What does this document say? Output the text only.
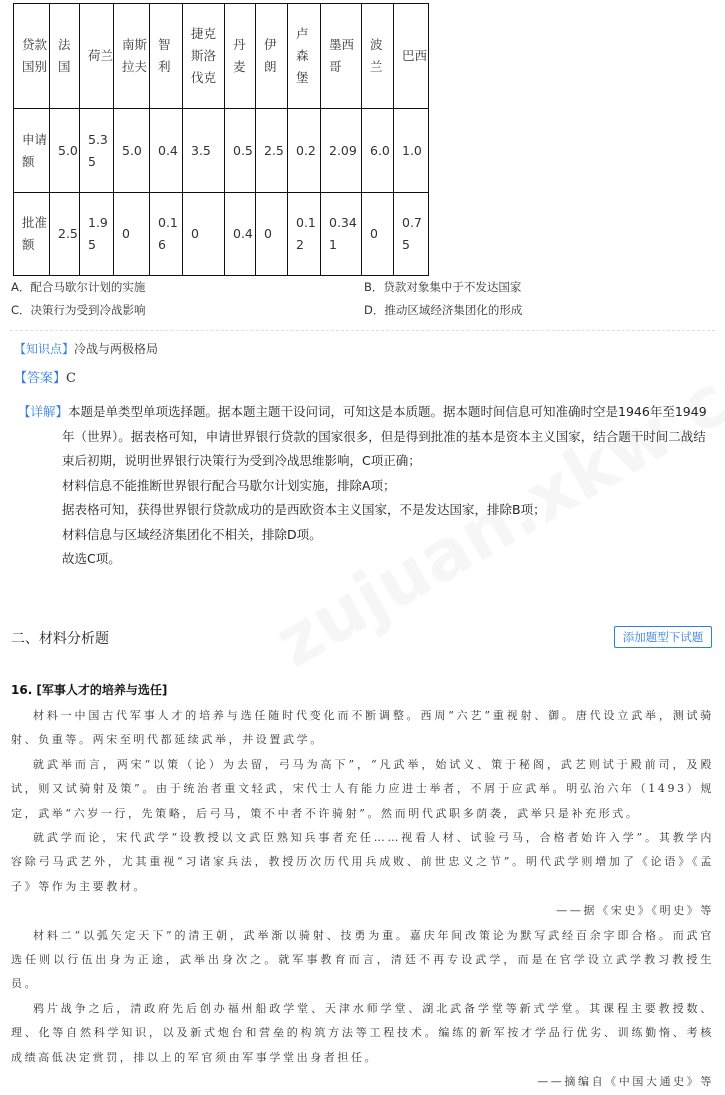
贷款国别	法国	荷兰	南斯拉夫	智利	捷克斯洛伐克	丹麦	伊朗	卢森堡	墨西哥	波兰	巴西
申请额	5.0	5.35	5.0	0.4	3.5	0.5	2.5	0.2	2.09	6.0	1.0
批准额	2.5	1.95	0	0.16	0	0.4	0	0.12	0.341	0	0.75
A．配合马歇尔计划的实施	B．贷款对象集中于不发达国家
C．决策行为受到冷战影响	D．推动区域经济集团化的形成
【知识点】冷战与两极格局
【答案】C
【详解】本题是单类型单项选择题。据本题主题干设问词，可知这是本质题。据本题时间信息可知准确时空是1946年至1949年（世界）。据表格可知，申请世界银行贷款的国家很多，但是得到批准的基本是资本主义国家，结合题干时间二战结束后初期，说明世界银行决策行为受到冷战思维影响，C项正确；
材料信息不能推断世界银行配合马歇尔计划实施，排除A项；
据表格可知，获得世界银行贷款成功的是西欧资本主义国家，不是发达国家，排除B项；
材料信息与区域经济集团化不相关，排除D项。
故选C项。
二、材料分析题	添加题型下试题
16. [军事人才的培养与选任]

材料一中国古代军事人才的培养与选任随时代变化而不断调整。西周“六艺”重视射、御。唐代设立武举，测试骑射、负重等。两宋至明代都延续武举，并设置武学。

就武举而言，两宋“以策（论）为去留，弓马为高下”，“凡武举，始试义、策于秘阁，武艺则试于殿前司，及殿试，则又试骑射及策”。由于统治者重文轻武，宋代士人有能力应进士举者，不屑于应武举。明弘治六年（1493）规定，武举“六岁一行，先策略，后弓马，策不中者不许骑射”。然而明代武职多荫袭，武举只是补充形式。

就武学而论，宋代武学“设教授以文武臣熟知兵事者充任……视看人材、试验弓马，合格者始许入学”。其教学内容除弓马武艺外，尤其重视“习诸家兵法，教授历次历代用兵成败、前世忠义之节”。明代武学则增加了《论语》《孟子》等作为主要教材。

——据《宋史》《明史》等

材料二“以弧矢定天下”的清王朝，武举渐以骑射、技勇为重。嘉庆年间改策论为默写武经百余字即合格。而武官选任则以行伍出身为正途，武举出身次之。就军事教育而言，清廷不再专设武学，而是在官学设立武学教习教授生员。

鸦片战争之后，清政府先后创办福州船政学堂、天津水师学堂、湖北武备学堂等新式学堂。其课程主要教授数、理、化等自然科学知识，以及新式炮台和营垒的构筑方法等工程技术。编练的新军按才学品行优劣、训练勤惰、考核成绩高低决定赏罚，排以上的军官须由军事学堂出身者担任。

——摘编自《中国大通史》等
